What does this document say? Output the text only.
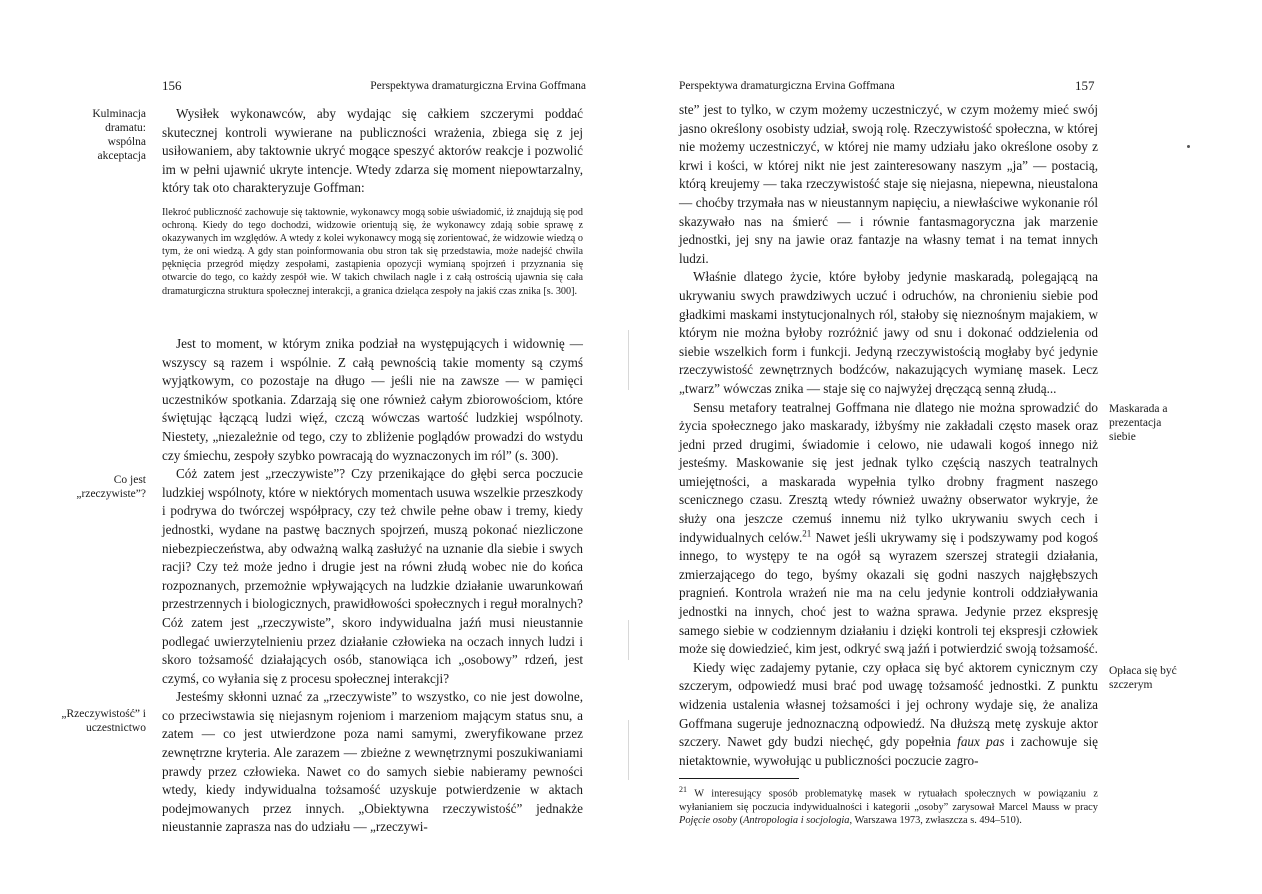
156	Perspektywa dramaturgiczna Ervina Goffmana
Kulminacja dramatu: wspólna akceptacja
Co jest „rzeczywiste”?
„Rzeczywistość” i uczestnictwo

Wysiłek wykonawców, aby wydając się całkiem szczerymi poddać skutecznej kontroli wywierane na publiczności wrażenia, zbiega się z jej usiłowaniem, aby taktownie ukryć mogące speszyć aktorów reakcje i pozwolić im w pełni ujawnić ukryte intencje. Wtedy zdarza się moment niepowtarzalny, który tak oto charakteryzuje Goffman:

Ilekroć publiczność zachowuje się taktownie, wykonawcy mogą sobie uświadomić, iż znajdują się pod ochroną. Kiedy do tego dochodzi, widzowie orientują się, że wykonawcy zdają sobie sprawę z okazywanych im względów. A wtedy z kolei wykonawcy mogą się zorientować, że widzowie wiedzą o tym, że oni wiedzą. A gdy stan poinformowania obu stron tak się przedstawia, może nadejść chwila pęknięcia przegród między zespołami, zastąpienia opozycji wymianą spojrzeń i przyznania się otwarcie do tego, co każdy zespół wie. W takich chwilach nagle i z całą ostrością ujawnia się cała dramaturgiczna struktura społecznej interakcji, a granica dzieląca zespoły na jakiś czas znika [s. 300].

Jest to moment, w którym znika podział na występujących i widownię — wszyscy są razem i wspólnie. Z całą pewnością takie momenty są czymś wyjątkowym, co pozostaje na długo — jeśli nie na zawsze — w pamięci uczestników spotkania. Zdarzają się one również całym zbiorowościom, które świętując łączącą ludzi więź, czczą wówczas wartość ludzkiej wspólnoty. Niestety, „niezależnie od tego, czy to zbliżenie poglądów prowadzi do wstydu czy śmiechu, zespoły szybko powracają do wyznaczonych im ról” (s. 300).

Cóż zatem jest „rzeczywiste”? Czy przenikające do głębi serca poczucie ludzkiej wspólnoty, które w niektórych momentach usuwa wszelkie przeszkody i podrywa do twórczej współpracy, czy też chwile pełne obaw i tremy, kiedy jednostki, wydane na pastwę bacznych spojrzeń, muszą pokonać niezliczone niebezpieczeństwa, aby odważną walką zasłużyć na uznanie dla siebie i swych racji? Czy też może jedno i drugie jest na równi złudą wobec nie do końca rozpoznanych, przemożnie wpływających na ludzkie działanie uwarunkowań przestrzennych i biologicznych, prawidłowości społecznych i reguł moralnych? Cóż zatem jest „rzeczywiste”, skoro indywidualna jaźń musi nieustannie podlegać uwierzytelnieniu przez działanie człowieka na oczach innych ludzi i skoro tożsamość działających osób, stanowiąca ich „osobowy” rdzeń, jest czymś, co wyłania się z procesu społecznej interakcji?

Jesteśmy skłonni uznać za „rzeczywiste” to wszystko, co nie jest dowolne, co przeciwstawia się niejasnym rojeniom i marzeniom mającym status snu, a zatem — co jest utwierdzone poza nami samymi, zweryfikowane przez zewnętrzne kryteria. Ale zarazem — zbieżne z wewnętrznymi poszukiwaniami prawdy przez człowieka. Nawet co do samych siebie nabieramy pewności wtedy, kiedy indywidualna tożsamość uzyskuje potwierdzenie w aktach podejmowanych przez innych. „Obiektywna rzeczywistość” jednakże nieustannie zaprasza nas do udziału — „rzeczywi-

Perspektywa dramaturgiczna Ervina Goffmana	157
Maskarada a prezentacja siebie
Opłaca się być szczerym

ste” jest to tylko, w czym możemy uczestniczyć, w czym możemy mieć swój jasno określony osobisty udział, swoją rolę. Rzeczywistość społeczna, w której nie możemy uczestniczyć, w której nie mamy udziału jako określone osoby z krwi i kości, w której nikt nie jest zainteresowany naszym „ja” — postacią, którą kreujemy — taka rzeczywistość staje się niejasna, niepewna, nieustalona — choćby trzymała nas w nieustannym napięciu, a niewłaściwe wykonanie ról skazywało nas na śmierć — i równie fantasmagoryczna jak marzenie jednostki, jej sny na jawie oraz fantazje na własny temat i na temat innych ludzi.

Właśnie dlatego życie, które byłoby jedynie maskaradą, polegającą na ukrywaniu swych prawdziwych uczuć i odruchów, na chronieniu siebie pod gładkimi maskami instytucjonalnych ról, stałoby się nieznośnym majakiem, w którym nie można byłoby rozróżnić jawy od snu i dokonać oddzielenia od siebie wszelkich form i funkcji. Jedyną rzeczywistością mogłaby być jedynie rzeczywistość zewnętrznych bodźców, nakazujących wymianę masek. Lecz „twarz” wówczas znika — staje się co najwyżej dręczącą senną złudą...

Sensu metafory teatralnej Goffmana nie dlatego nie można sprowadzić do życia społecznego jako maskarady, iżbyśmy nie zakładali często masek oraz jedni przed drugimi, świadomie i celowo, nie udawali kogoś innego niż jesteśmy. Maskowanie się jest jednak tylko częścią naszych teatralnych umiejętności, a maskarada wypełnia tylko drobny fragment naszego scenicznego czasu. Zresztą wtedy również uważny obserwator wykryje, że służy ona jeszcze czemuś innemu niż tylko ukrywaniu swych cech i indywidualnych celów.$^{21}$ Nawet jeśli ukrywamy się i podszywamy pod kogoś innego, to występy te na ogół są wyrazem szerszej strategii działania, zmierzającego do tego, byśmy okazali się godni naszych najgłębszych pragnień. Kontrola wrażeń nie ma na celu jedynie kontroli oddziaływania jednostki na innych, choć jest to ważna sprawa. Jedynie przez ekspresję samego siebie w codziennym działaniu i dzięki kontroli tej ekspresji człowiek może się dowiedzieć, kim jest, odkryć swą jaźń i potwierdzić swoją tożsamość.

Kiedy więc zadajemy pytanie, czy opłaca się być aktorem cynicznym czy szczerym, odpowiedź musi brać pod uwagę tożsamość jednostki. Z punktu widzenia ustalenia własnej tożsamości i jej ochrony wydaje się, że analiza Goffmana sugeruje jednoznaczną odpowiedź. Na dłuższą metę zyskuje aktor szczery. Nawet gdy budzi niechęć, gdy popełnia faux pas i zachowuje się nietaktownie, wywołując u publiczności poczucie zagro-

$^{21}$ W interesujący sposób problematykę masek w rytuałach społecznych w powiązaniu z wyłanianiem się poczucia indywidualności i kategorii „osoby” zarysował Marcel Mauss w pracy Pojęcie osoby (Antropologia i socjologia, Warszawa 1973, zwłaszcza s. 494–510).
